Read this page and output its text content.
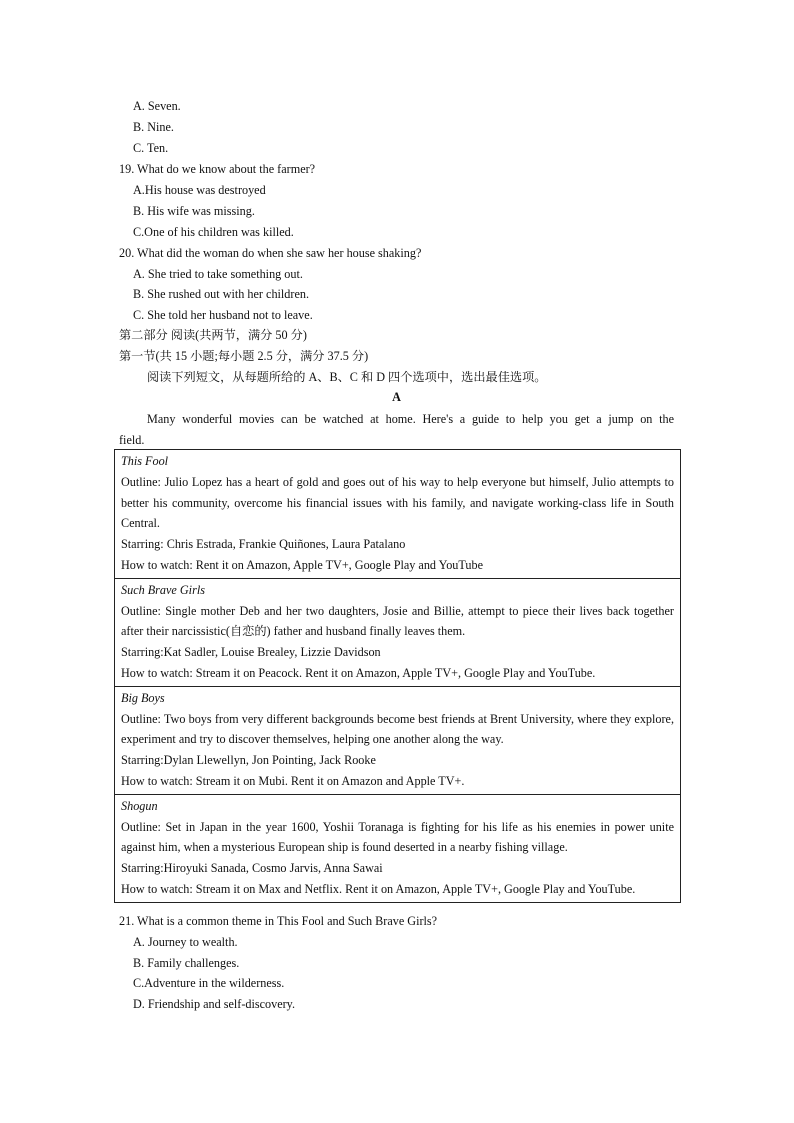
A. Seven.
B. Nine.
C. Ten.
19. What do we know about the farmer?
A.His house was destroyed
B. His wife was missing.
C.One of his children was killed.
20. What did the woman do when she saw her house shaking?
A. She tried to take something out.
B. She rushed out with her children.
C. She told her husband not to leave.
第二部分 阅读(共两节，满分 50 分)
第一节(共 15 小题;每小题 2.5 分，满分 37.5 分)
阅读下列短文，从每题所给的 A、B、C 和 D 四个选项中，选出最佳选项。
A
Many wonderful movies can be watched at home. Here's a guide to help you get a jump on the
field.
This Fool
Outline: Julio Lopez has a heart of gold and goes out of his way to help everyone but himself, Julio attempts to better his community, overcome his financial issues with his family, and navigate working-class life in South Central.
Starring: Chris Estrada, Frankie Quiñones, Laura Patalano
How to watch: Rent it on Amazon, Apple TV+, Google Play and YouTube

Such Brave Girls
Outline: Single mother Deb and her two daughters, Josie and Billie, attempt to piece their lives back together after their narcissistic(自恋的) father and husband finally leaves them.
Starring:Kat Sadler, Louise Brealey, Lizzie Davidson
How to watch: Stream it on Peacock. Rent it on Amazon, Apple TV+, Google Play and YouTube.

Big Boys
Outline: Two boys from very different backgrounds become best friends at Brent University, where they explore, experiment and try to discover themselves, helping one another along the way.
Starring:Dylan Llewellyn, Jon Pointing, Jack Rooke
How to watch: Stream it on Mubi. Rent it on Amazon and Apple TV+.

Shogun
Outline: Set in Japan in the year 1600, Yoshii Toranaga is fighting for his life as his enemies in power unite against him, when a mysterious European ship is found deserted in a nearby fishing village.
Starring:Hiroyuki Sanada, Cosmo Jarvis, Anna Sawai
How to watch: Stream it on Max and Netflix. Rent it on Amazon, Apple TV+, Google Play and YouTube.
21. What is a common theme in This Fool and Such Brave Girls?
A. Journey to wealth.
B. Family challenges.
C.Adventure in the wilderness.
D. Friendship and self-discovery.
